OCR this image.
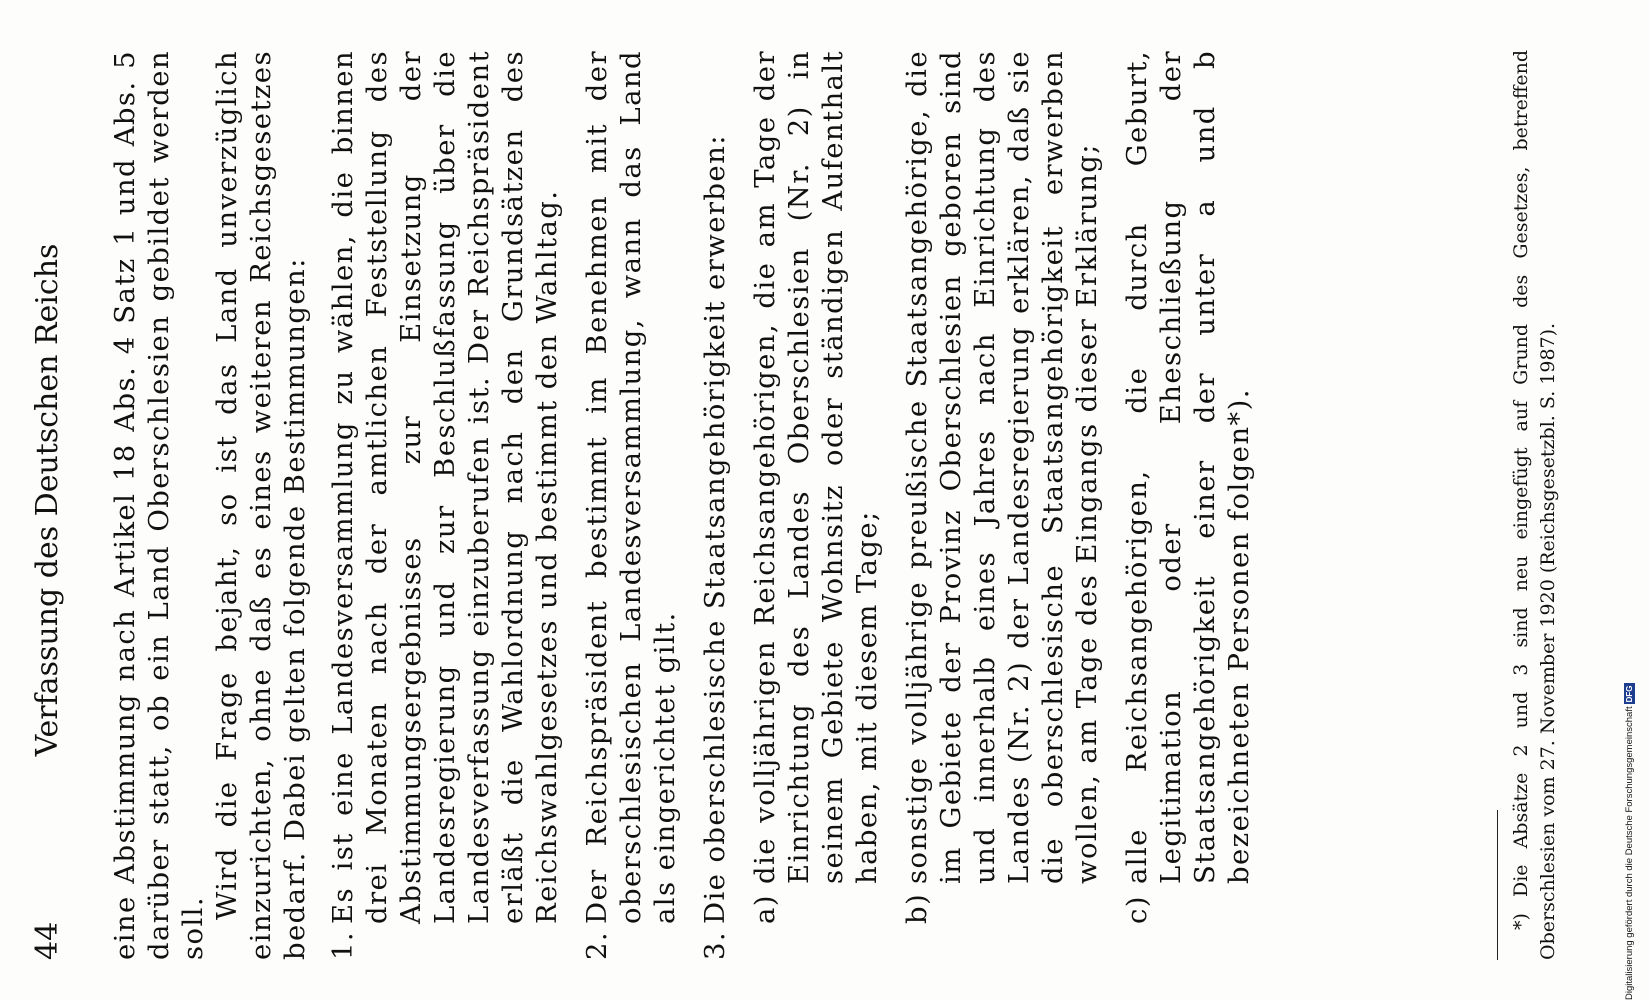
44
Verfassung des Deutschen Reichs eine Abstimmung nach Artikel 18 Abs. 4 Satz 1 und Abs. 5 darüber statt, ob ein Land Oberschlesien gebildet werden soll.

Wird die Frage bejaht, so ist das Land unverzüglich einzurichten, ohne daß es eines weiteren Reichsgesetzes bedarf. Dabei gelten folgende Bestimmungen: 1.
Es ist eine Landesversammlung zu wählen, die binnen drei Monaten nach der amtlichen Feststellung des Abstimmungsergebnisses zur Einsetzung der Landesregierung und zur Beschlußfassung über die Landesverfassung einzuberufen ist. Der Reichspräsident erläßt die Wahlordnung nach den Grundsätzen des Reichswahlgesetzes und bestimmt den Wahltag.
2.
Der Reichspräsident bestimmt im Benehmen mit der oberschlesischen Landesversammlung, wann das Land als eingerichtet gilt.
3.
Die oberschlesische Staatsangehörigkeit erwerben: a)
die volljährigen Reichsangehörigen, die am Tage der Einrichtung des Landes Oberschlesien (Nr. 2) in seinem Gebiete Wohnsitz oder ständigen Aufenthalt haben, mit diesem Tage;
b)
sonstige volljährige preußische Staatsangehörige, die im Gebiete der Provinz Oberschlesien geboren sind und innerhalb eines Jahres nach Einrichtung des Landes (Nr. 2) der Landesregierung erklären, daß sie die oberschlesische Staatsangehörigkeit erwerben wollen, am Tage des Eingangs dieser Erklärung;
c)
alle Reichsangehörigen, die durch Geburt, Legitimation oder Eheschließung der Staatsangehörigkeit einer der unter a und b bezeichneten Personen folgen*).	*) Die Absätze 2 und 3 sind neu eingefügt auf Grund des Gesetzes, betreffend Oberschlesien vom 27. November 1920 (Reichsgesetzbl. S. 1987).	Digitalisierung gefördert durch die Deutsche ForschungsgemeinschaftDFG
